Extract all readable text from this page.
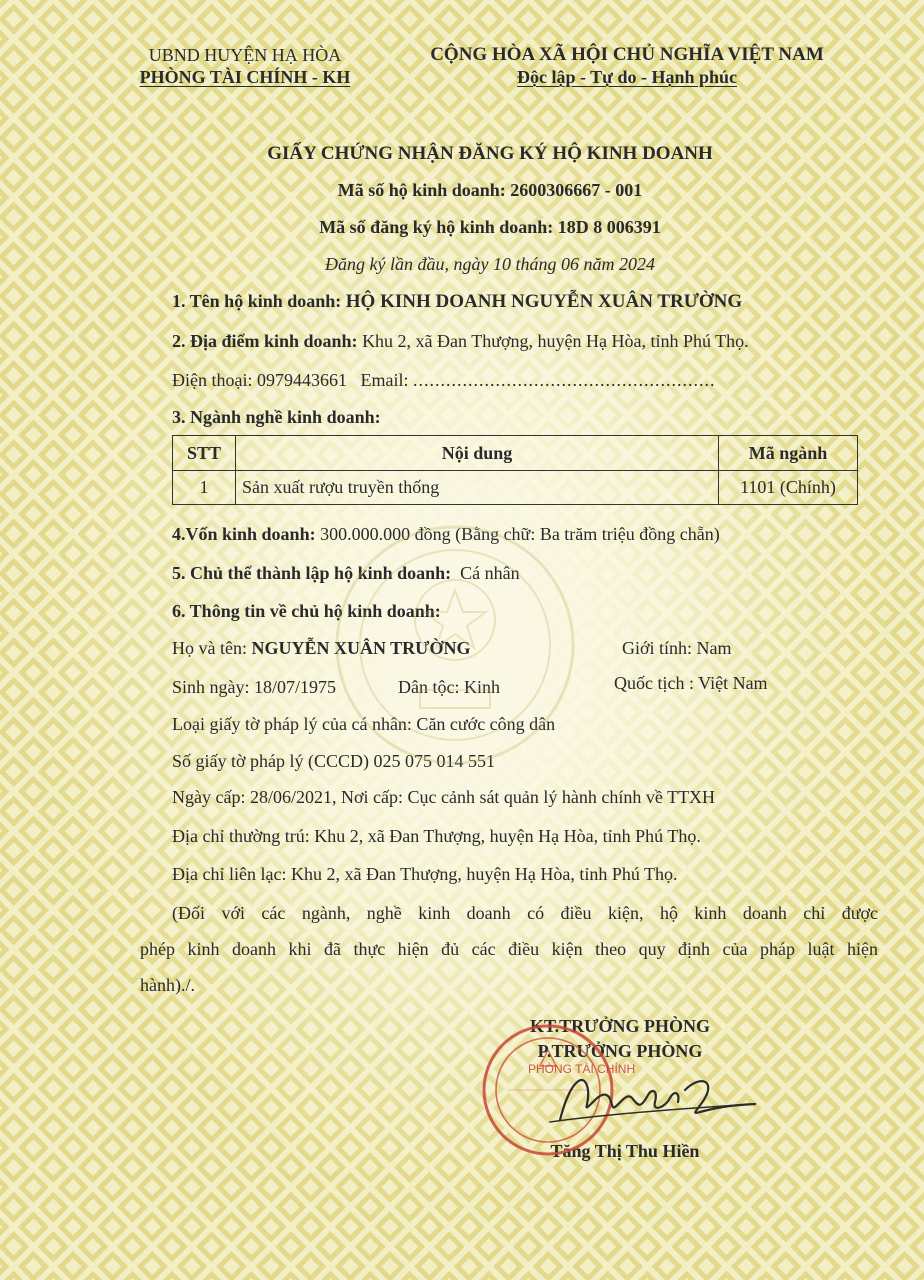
UBND HUYỆN HẠ HÒA
PHÒNG TÀI CHÍNH - KH
CỘNG HÒA XÃ HỘI CHỦ NGHĨA VIỆT NAM
Độc lập - Tự do - Hạnh phúc
GIẤY CHỨNG NHẬN ĐĂNG KÝ HỘ KINH DOANH
Mã số hộ kinh doanh: 2600306667 - 001
Mã số đăng ký hộ kinh doanh: 18D 8 006391
Đăng ký lần đầu, ngày 10 tháng 06 năm 2024
1. Tên hộ kinh doanh: HỘ KINH DOANH NGUYỄN XUÂN TRƯỜNG
2. Địa điểm kinh doanh: Khu 2, xã Đan Thượng, huyện Hạ Hòa, tỉnh Phú Thọ.
Điện thoại: 0979443661 Email: .......................................................
3. Ngành nghề kinh doanh:
STT	Nội dung	Mã ngành
1	Sản xuất rượu truyền thống	1101 (Chính)
4.Vốn kinh doanh: 300.000.000 đồng (Bằng chữ: Ba trăm triệu đồng chẵn)
5. Chủ thể thành lập hộ kinh doanh: Cá nhân
6. Thông tin về chủ hộ kinh doanh:
Họ và tên: NGUYỄN XUÂN TRƯỜNG	Giới tính: Nam
Sinh ngày: 18/07/1975	Dân tộc: Kinh	Quốc tịch : Việt Nam
Loại giấy tờ pháp lý của cá nhân: Căn cước công dân
Số giấy tờ pháp lý (CCCD) 025 075 014 551
Ngày cấp: 28/06/2021, Nơi cấp: Cục cảnh sát quản lý hành chính về TTXH
Địa chỉ thường trú: Khu 2, xã Đan Thượng, huyện Hạ Hòa, tỉnh Phú Thọ.
Địa chỉ liên lạc: Khu 2, xã Đan Thượng, huyện Hạ Hòa, tỉnh Phú Thọ.
(Đối với các ngành, nghề kinh doanh có điều kiện, hộ kinh doanh chỉ được
phép kinh doanh khi đã thực hiện đủ các điều kiện theo quy định của pháp luật hiện
hành)./.
KT.TRƯỞNG PHÒNG
P.TRƯỞNG PHÒNG
PHÒNG TÀI CHÍNH
Tăng Thị Thu Hiền
